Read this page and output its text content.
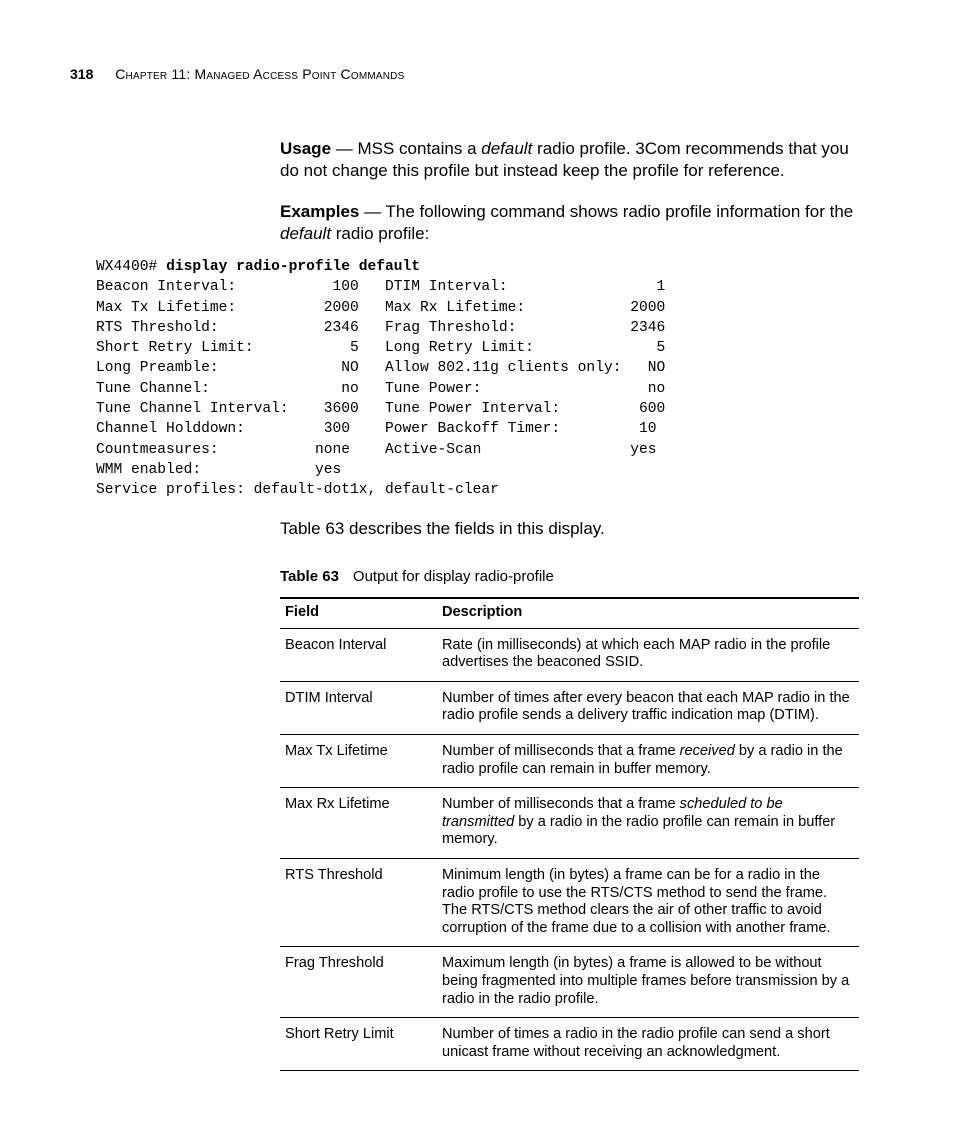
318 Chapter 11: Managed Access Point Commands
Usage — MSS contains a default radio profile. 3Com recommends that you do not change this profile but instead keep the profile for reference.
Examples — The following command shows radio profile information for the default radio profile:
WX4400# display radio-profile default
Beacon Interval:           100   DTIM Interval:                 1
Max Tx Lifetime:          2000   Max Rx Lifetime:            2000
RTS Threshold:            2346   Frag Threshold:             2346
Short Retry Limit:           5   Long Retry Limit:              5
Long Preamble:              NO   Allow 802.11g clients only:   NO
Tune Channel:               no   Tune Power:                   no
Tune Channel Interval:    3600   Tune Power Interval:         600
Channel Holddown:         300    Power Backoff Timer:         10
Countmeasures:           none    Active-Scan                 yes
WMM enabled:             yes
Service profiles: default-dot1x, default-clear
Table 63 describes the fields in this display.
Table 63 Output for display radio-profile
Field	Description
Beacon Interval	Rate (in milliseconds) at which each MAP radio in the profile advertises the beaconed SSID.
DTIM Interval	Number of times after every beacon that each MAP radio in the radio profile sends a delivery traffic indication map (DTIM).
Max Tx Lifetime	Number of milliseconds that a frame received by a radio in the radio profile can remain in buffer memory.
Max Rx Lifetime	Number of milliseconds that a frame scheduled to be transmitted by a radio in the radio profile can remain in buffer memory.
RTS Threshold	Minimum length (in bytes) a frame can be for a radio in the radio profile to use the RTS/CTS method to send the frame. The RTS/CTS method clears the air of other traffic to avoid corruption of the frame due to a collision with another frame.
Frag Threshold	Maximum length (in bytes) a frame is allowed to be without being fragmented into multiple frames before transmission by a radio in the radio profile.
Short Retry Limit	Number of times a radio in the radio profile can send a short unicast frame without receiving an acknowledgment.
